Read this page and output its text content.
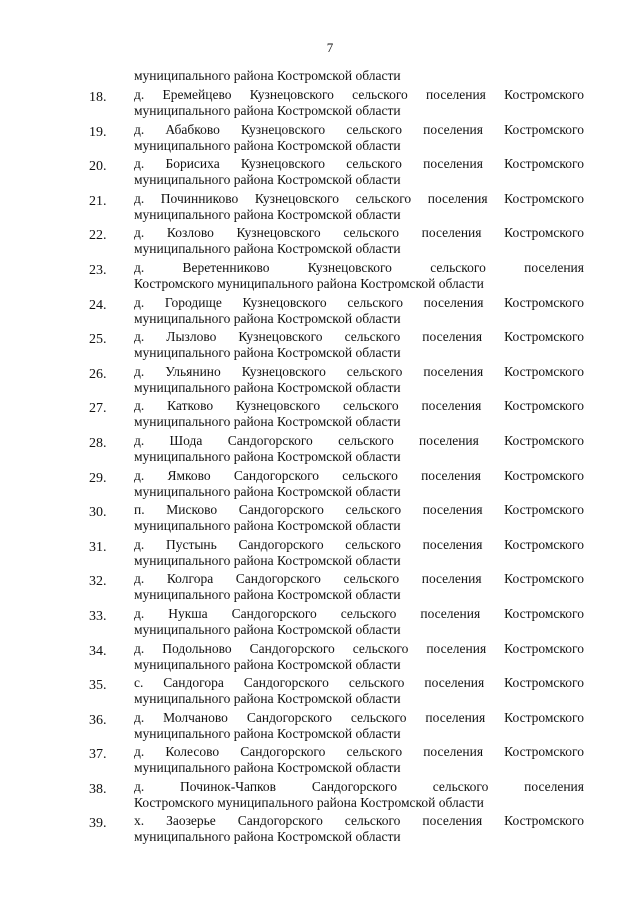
7
муниципального района Костромской области
18.	д. Еремейцево Кузнецовского сельского поселения Костромского
муниципального района Костромской области
19.	д. Абабково Кузнецовского сельского поселения Костромского
муниципального района Костромской области
20.	д. Борисиха Кузнецовского сельского поселения Костромского
муниципального района Костромской области
21.	д. Починниково Кузнецовского сельского поселения Костромского
муниципального района Костромской области
22.	д. Козлово Кузнецовского сельского поселения Костромского
муниципального района Костромской области
23.	д. Веретенниково Кузнецовского сельского поселения
Костромского муниципального района Костромской области
24.	д. Городище Кузнецовского сельского поселения Костромского
муниципального района Костромской области
25.	д. Лызлово Кузнецовского сельского поселения Костромского
муниципального района Костромской области
26.	д. Ульянино Кузнецовского сельского поселения Костромского
муниципального района Костромской области
27.	д. Катково Кузнецовского сельского поселения Костромского
муниципального района Костромской области
28.	д. Шода Сандогорского сельского поселения Костромского
муниципального района Костромской области
29.	д. Ямково Сандогорского сельского поселения Костромского
муниципального района Костромской области
30.	п. Мисково Сандогорского сельского поселения Костромского
муниципального района Костромской области
31.	д. Пустынь Сандогорского сельского поселения Костромского
муниципального района Костромской области
32.	д. Колгора Сандогорского сельского поселения Костромского
муниципального района Костромской области
33.	д. Нукша Сандогорского сельского поселения Костромского
муниципального района Костромской области
34.	д. Подольново Сандогорского сельского поселения Костромского
муниципального района Костромской области
35.	с. Сандогора Сандогорского сельского поселения Костромского
муниципального района Костромской области
36.	д. Молчаново Сандогорского сельского поселения Костромского
муниципального района Костромской области
37.	д. Колесово Сандогорского сельского поселения Костромского
муниципального района Костромской области
38.	д. Починок-Чапков Сандогорского сельского поселения
Костромского муниципального района Костромской области
39.	х. Заозерье Сандогорского сельского поселения Костромского
муниципального района Костромской области
